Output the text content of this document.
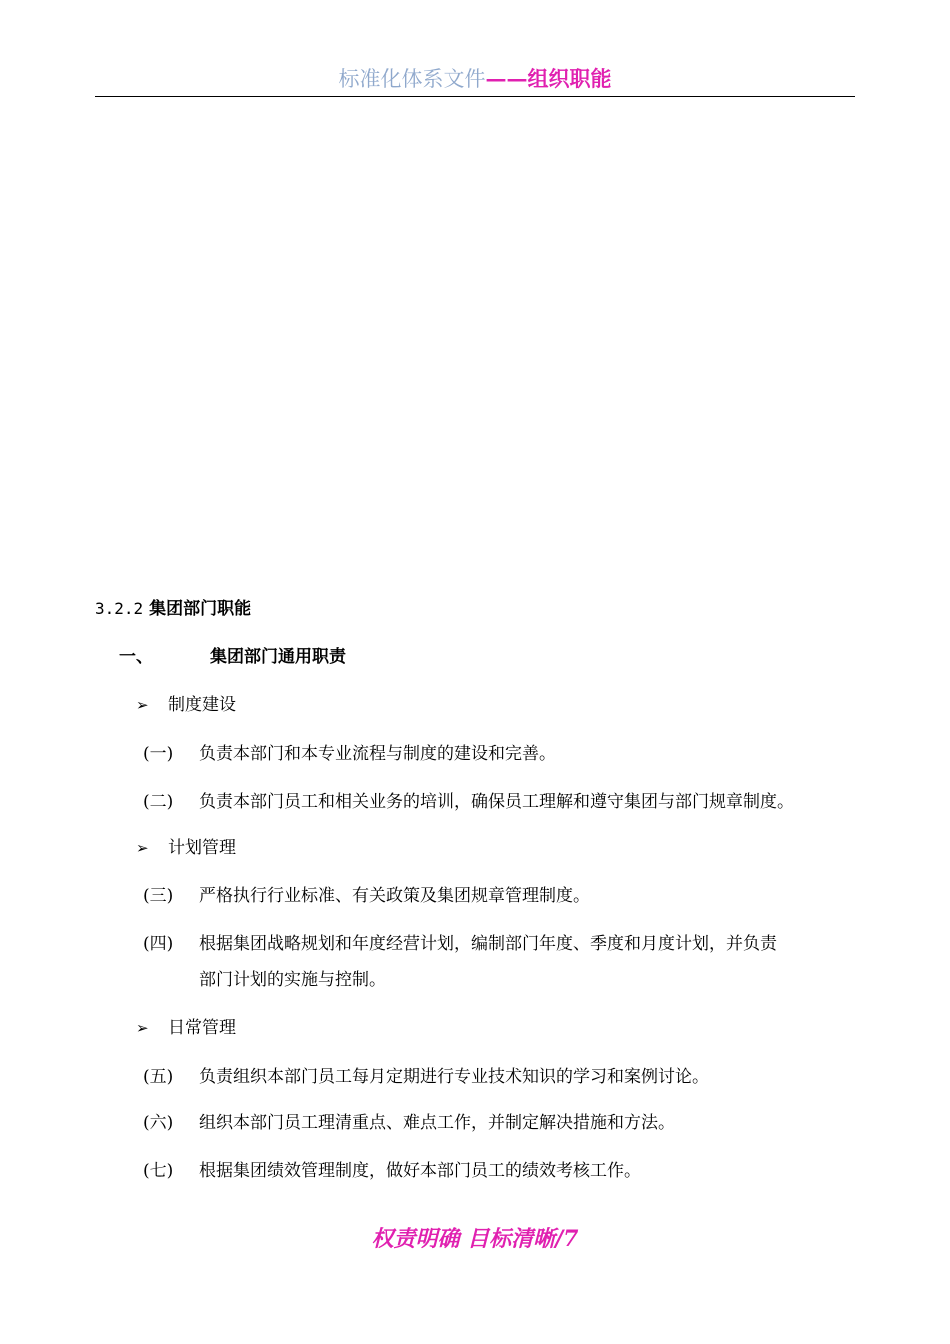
标准化体系文件——组织职能
3.2.2 集团部门职能
一、	集团部门通用职责
➢ 制度建设
(一) 负责本部门和本专业流程与制度的建设和完善。
(二) 负责本部门员工和相关业务的培训，确保员工理解和遵守集团与部门规章制度。
➢ 计划管理
(三) 严格执行行业标准、有关政策及集团规章管理制度。
(四) 根据集团战略规划和年度经营计划，编制部门年度、季度和月度计划，并负责
部门计划的实施与控制。
➢ 日常管理
(五) 负责组织本部门员工每月定期进行专业技术知识的学习和案例讨论。
(六) 组织本部门员工理清重点、难点工作，并制定解决措施和方法。
(七) 根据集团绩效管理制度，做好本部门员工的绩效考核工作。
权责明确 目标清晰/7
